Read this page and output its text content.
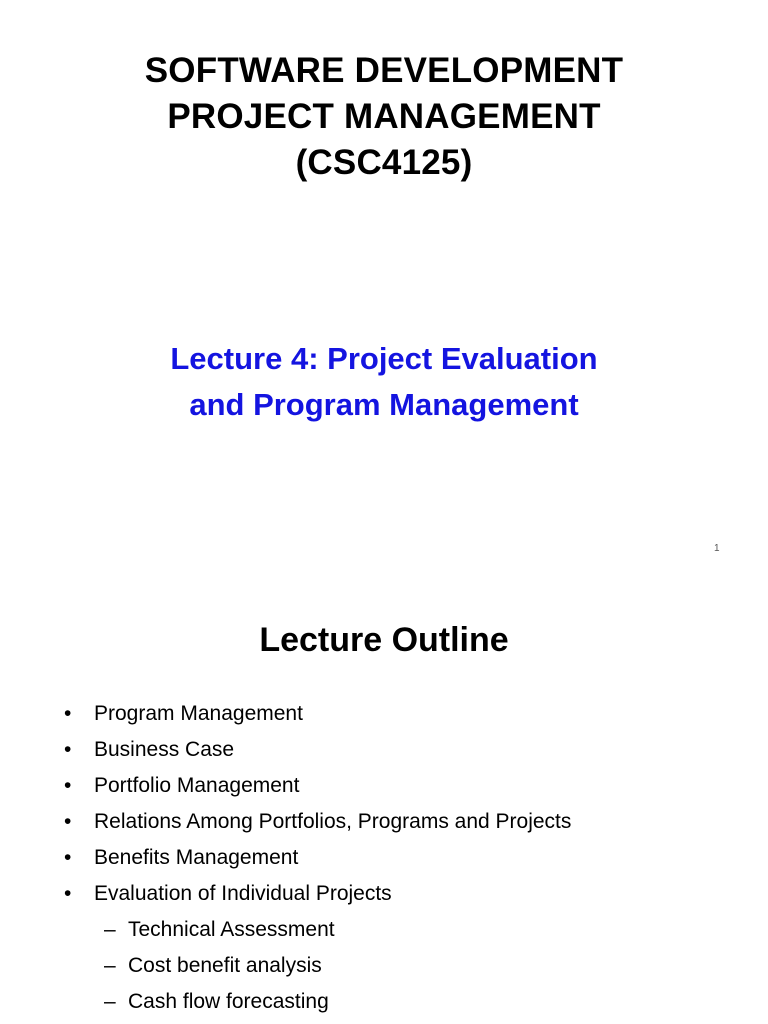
SOFTWARE DEVELOPMENT
PROJECT MANAGEMENT
(CSC4125)
Lecture 4: Project Evaluation
and Program Management
1
Lecture Outline
• Program Management
• Business Case
• Portfolio Management
• Relations Among Portfolios, Programs and Projects
• Benefits Management
• Evaluation of Individual Projects
– Technical Assessment
– Cost benefit analysis
– Cash flow forecasting
